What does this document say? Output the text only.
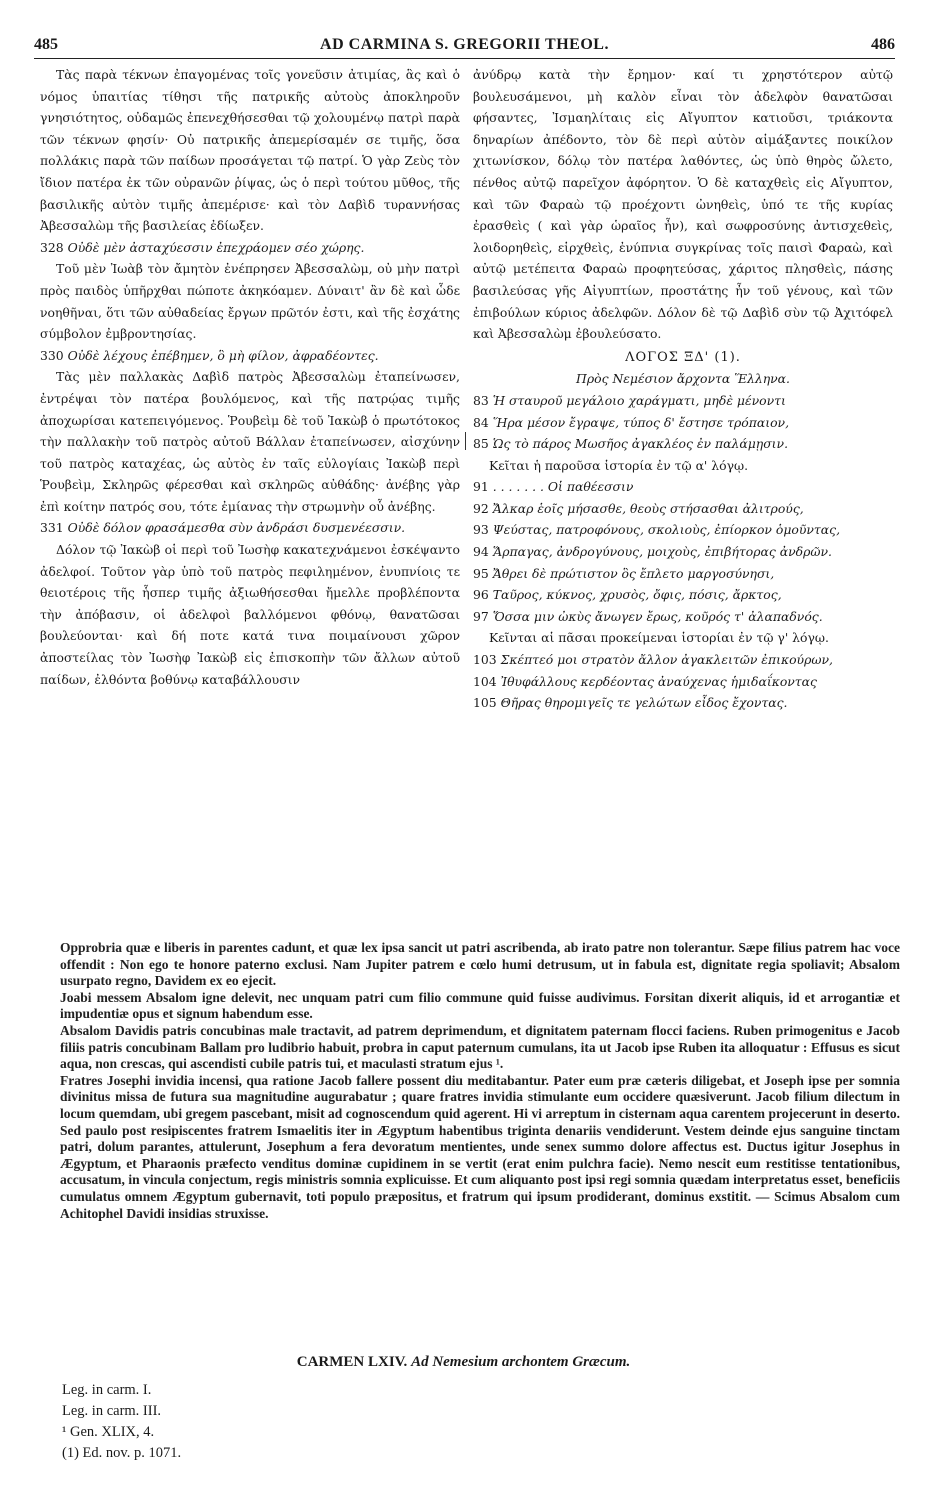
485	AD CARMINA S. GREGORII THEOL.	486

Τὰς παρὰ τέκνων ἐπαγομένας τοῖς γονεῦσιν ἀτιμίας, ἃς καὶ ὁ νόμος ὑπαιτίας τίθησι τῆς πατρικῆς αὐτοὺς ἀποκληροῦν γνησιότητος, οὐδαμῶς ἐπενεχθήσεσθαι τῷ χολουμένῳ πατρὶ παρὰ τῶν τέκνων φησίν· Οὐ πατρικῆς ἀπεμερίσαμέν σε τιμῆς, ὅσα πολλάκις παρὰ τῶν παίδων προσάγεται τῷ πατρί. Ὁ γὰρ Ζεὺς τὸν ἴδιον πατέρα ἐκ τῶν οὐρανῶν ῥίψας, ὡς ὁ περὶ τούτου μῦθος, τῆς βασιλικῆς αὐτὸν τιμῆς ἀπεμέρισε· καὶ τὸν Δαβὶδ τυραννήσας Ἀβεσσαλὼμ τῆς βασιλείας ἐδίωξεν.

328 Οὐδὲ μὲν ἀσταχύεσσιν ἐπεχράομεν σέο χώρης.

Τοῦ μὲν Ἰωὰβ τὸν ἄμητὸν ἐνέπρησεν Ἀβεσσαλὼμ, οὐ μὴν πατρὶ πρὸς παιδὸς ὑπῆρχθαι πώποτε ἀκηκόαμεν. Δύναιτ' ἂν δὲ καὶ ὧδε νοηθῆναι, ὅτι τῶν αὐθαδείας ἔργων πρῶτόν ἐστι, καὶ τῆς ἐσχάτης σύμβολον ἐμβροντησίας.

330 Οὐδὲ λέχους ἐπέβημεν, ὃ μὴ φίλον, ἀφραδέοντες.

Τὰς μὲν παλλακὰς Δαβὶδ πατρὸς Ἀβεσσαλὼμ ἐταπείνωσεν, ἐντρέψαι τὸν πατέρα βουλόμενος, καὶ τῆς πατρῴας τιμῆς ἀποχωρίσαι κατεπειγόμενος. Ῥουβεὶμ δὲ τοῦ Ἰακὼβ ὁ πρωτότοκος τὴν παλλακὴν τοῦ πατρὸς αὐτοῦ Βάλλαν ἐταπείνωσεν, αἰσχύνην τοῦ πατρὸς καταχέας, ὡς αὐτὸς ἐν ταῖς εὐλογίαις Ἰακὼβ περὶ Ῥουβεὶμ, Σκληρῶς φέρεσθαι καὶ σκληρῶς αὐθάδης· ἀνέβης γὰρ ἐπὶ κοίτην πατρός σου, τότε ἐμίανας τὴν στρωμνὴν οὗ ἀνέβης.

331 Οὐδὲ δόλον φρασάμεσθα σὺν ἀνδράσι δυσμενέεσσιν.

Δόλον τῷ Ἰακὼβ οἱ περὶ τοῦ Ἰωσὴφ κακατεχνάμενοι ἐσκέψαντο ἀδελφοί. Τοῦτον γὰρ ὑπὸ τοῦ πατρὸς πεφιλημένον, ἐνυπνίοις τε θειοτέροις τῆς ἧσπερ τιμῆς ἀξιωθήσεσθαι ἤμελλε προβλέποντα τὴν ἀπόβασιν, οἱ ἀδελφοὶ βαλλόμενοι φθόνῳ, θανατῶσαι βουλεύονται· καὶ δή ποτε κατά τινα ποιμαίνουσι χῶρον ἀποστείλας τὸν Ἰωσὴφ Ἰακὼβ εἰς ἐπισκοπὴν τῶν ἄλλων αὐτοῦ παίδων, ἐλθόντα βοθύνῳ καταβάλλουσιν

ἀνύδρῳ κατὰ τὴν ἔρημον· καί τι χρηστότερον αὐτῷ βουλευσάμενοι, μὴ καλὸν εἶναι τὸν ἀδελφὸν θανατῶσαι φήσαντες, Ἰσμαηλίταις εἰς Αἴγυπτον κατιοῦσι, τριάκοντα δηναρίων ἀπέδοντο, τὸν δὲ περὶ αὐτὸν αἱμάξαντες ποικίλον χιτωνίσκον, δόλῳ τὸν πατέρα λαθόντες, ὡς ὑπὸ θηρὸς ὤλετο, πένθος αὐτῷ παρεῖχον ἀφόρητον. Ὁ δὲ καταχθεὶς εἰς Αἴγυπτον, καὶ τῶν Φαραὼ τῷ προέχοντι ὠνηθεὶς, ὑπό τε τῆς κυρίας ἐρασθεὶς ( καὶ γὰρ ὡραῖος ἦν), καὶ σωφροσύνης ἀντισχεθεὶς, λοιδορηθεὶς, εἱρχθεὶς, ἐνύπνια συγκρίνας τοῖς παισὶ Φαραὼ, καὶ αὐτῷ μετέπειτα Φαραὼ προφητεύσας, χάριτος πλησθεὶς, πάσης βασιλεύσας γῆς Αἰγυπτίων, προστάτης ἦν τοῦ γένους, καὶ τῶν ἐπιβούλων κύριος ἀδελφῶν. Δόλον δὲ τῷ Δαβὶδ σὺν τῷ Ἀχιτόφελ καὶ Ἀβεσσαλὼμ ἐβουλεύσατο.

ΛΟΓΟΣ ΞΔ' (1).

Πρὸς Νεμέσιον ἄρχοντα Ἕλληνα.

83 Ἡ σταυροῦ μεγάλοιο χαράγματι, μηδὲ μένοντι

84 Ἥρα μέσον ἔγραψε, τύπος δ' ἔστησε τρόπαιον,

85 Ὡς τὸ πάρος Μωσῆος ἀγακλέος ἐν παλάμῃσιν.

Κεῖται ἡ παροῦσα ἱστορία ἐν τῷ α' λόγῳ.

91 . . . . . . . Οἱ παθέεσσιν

92 Ἄλκαρ ἑοῖς μήσασθε, θεοὺς στήσασθαι ἀλιτρούς,

93 Ψεύστας, πατροφόνους, σκολιοὺς, ἐπίορκον ὁμοῦντας,

94 Ἅρπαγας, ἀνδρογύνους, μοιχοὺς, ἐπιβήτορας ἀνδρῶν.

95 Ἄθρει δὲ πρώτιστον ὃς ἔπλετο μαργοσύνησι,

96 Ταῦρος, κύκνος, χρυσὸς, ὄφις, πόσις, ἄρκτος,

97 Ὅσσα μιν ὠκὺς ἄνωγεν ἔρως, κοῦρός τ' ἀλαπαδνός.

Κεῖνται αἱ πᾶσαι προκείμεναι ἱστορίαι ἐν τῷ γ' λόγῳ.

103 Σκέπτεό μοι στρατὸν ἄλλον ἀγακλειτῶν ἐπικούρων,

104 Ἰθυφάλλους κερδέοντας ἀναύχενας ἡμιδαΐκοντας

105 Θῆρας θηρομιγεῖς τε γελώτων εἶδος ἔχοντας.

Opprobria quæ e liberis in parentes cadunt, et quæ lex ipsa sancit ut patri ascribenda, ab irato patre non tolerantur. Sæpe filius patrem hac voce offendit : Non ego te honore paterno exclusi. Nam Jupiter patrem e cœlo humi detrusum, ut in fabula est, dignitate regia spoliavit; Absalom usurpato regno, Davidem ex eo ejecit.

Joabi messem Absalom igne delevit, nec unquam patri cum filio commune quid fuisse audivimus. Forsitan dixerit aliquis, id et arrogantiæ et impudentiæ opus et signum habendum esse.

Absalom Davidis patris concubinas male tractavit, ad patrem deprimendum, et dignitatem paternam flocci faciens. Ruben primogenitus e Jacob filiis patris concubinam Ballam pro ludibrio habuit, probra in caput paternum cumulans, ita ut Jacob ipse Ruben ita alloquatur : Effusus es sicut aqua, non crescas, qui ascendisti cubile patris tui, et maculasti stratum ejus ¹.

Fratres Josephi invidia incensi, qua ratione Jacob fallere possent diu meditabantur. Pater eum præ cæteris diligebat, et Joseph ipse per somnia divinitus missa de futura sua magnitudine augurabatur ; quare fratres invidia stimulante eum occidere quæsiverunt. Jacob filium dilectum in locum quemdam, ubi gregem pascebant, misit ad cognoscendum quid agerent. Hi vi arreptum in cisternam aqua carentem projecerunt in deserto. Sed paulo post resipiscentes fratrem Ismaelitis iter in Ægyptum habentibus triginta denariis vendiderunt. Vestem deinde ejus sanguine tinctam patri, dolum parantes, attulerunt, Josephum a fera devoratum mentientes, unde senex summo dolore affectus est. Ductus igitur Josephus in Ægyptum, et Pharaonis præfecto venditus dominæ cupidinem in se vertit (erat enim pulchra facie). Nemo nescit eum restitisse tentationibus, accusatum, in vincula conjectum, regis ministris somnia explicuisse. Et cum aliquanto post ipsi regi somnia quædam interpretatus esset, beneficiis cumulatus omnem Ægyptum gubernavit, toti populo præpositus, et fratrum qui ipsum prodiderant, dominus exstitit. — Scimus Absalom cum Achitophel Davidi insidias struxisse.

CARMEN LXIV. Ad Nemesium archontem Græcum.
Leg. in carm. I.
Leg. in carm. III.
¹ Gen. XLIX, 4.
(1) Ed. nov. p. 1071.
